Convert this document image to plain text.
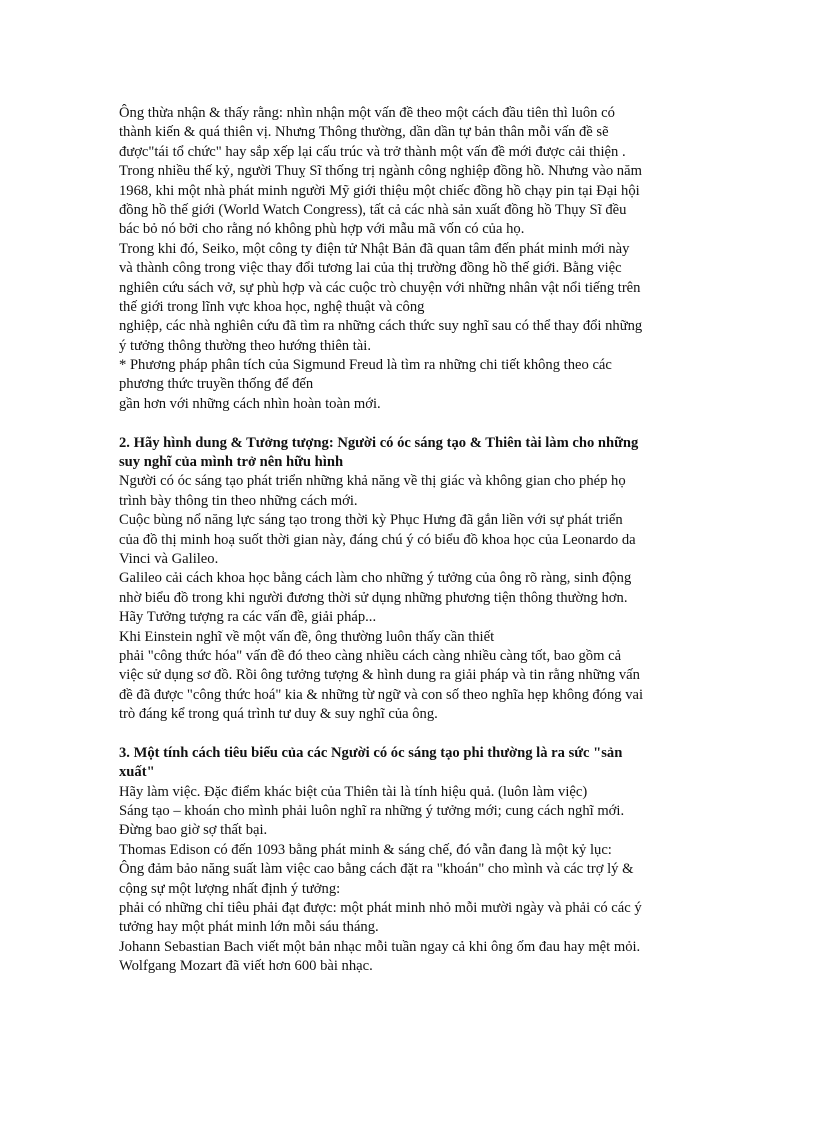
Ông thừa nhận & thấy rằng: nhìn nhận một vấn đề theo một cách đầu tiên thì luôn có
thành kiến & quá thiên vị. Nhưng Thông thường, dần dần tự bản thân mỗi vấn đề sẽ
được"tái tổ chức" hay sắp xếp lại cấu trúc và trở thành một vấn đề mới được cải thiện .
Trong nhiều thế kỷ, người Thuỵ Sĩ thống trị ngành công nghiệp đồng hồ. Nhưng vào năm
1968, khi một nhà phát minh người Mỹ giới thiệu một chiếc đồng hồ chạy pin tại Đại hội
đồng hồ thế giới (World Watch Congress), tất cả các nhà sản xuất đồng hồ Thụy Sĩ đều
bác bỏ nó bởi cho rằng nó không phù hợp với mẫu mã vốn có của họ.
Trong khi đó, Seiko, một công ty điện tử Nhật Bản đã quan tâm đến phát minh mới này
và thành công trong việc thay đổi tương lai của thị trường đồng hồ thế giới. Bằng việc
nghiên cứu sách vở, sự phù hợp và các cuộc trò chuyện với những nhân vật nổi tiếng trên
thế giới trong lĩnh vực khoa học, nghệ thuật và công
nghiệp, các nhà nghiên cứu đã tìm ra những cách thức suy nghĩ sau có thể thay đổi những
ý tưởng thông thường theo hướng thiên tài.
* Phương pháp phân tích của Sigmund Freud là tìm ra những chi tiết không theo các
phương thức truyền thống để đến
gần hơn với những cách nhìn hoàn toàn mới.
2. Hãy hình dung & Tưởng tượng: Người có óc sáng tạo & Thiên tài làm cho những
suy nghĩ của mình trở nên hữu hình
Người có óc sáng tạo phát triển những khả năng về thị giác và không gian cho phép họ
trình bày thông tin theo những cách mới.
Cuộc bùng nổ năng lực sáng tạo trong thời kỳ Phục Hưng đã gắn liền với sự phát triển
của đồ thị minh hoạ suốt thời gian này, đáng chú ý có biểu đồ khoa học của Leonardo da
Vinci và Galileo.
Galileo cải cách khoa học bằng cách làm cho những ý tưởng của ông rõ ràng, sinh động
nhờ biểu đồ trong khi người đương thời sử dụng những phương tiện thông thường hơn.
Hãy Tưởng tượng ra các vấn đề, giải pháp...
Khi Einstein nghĩ về một vấn đề, ông thường luôn thấy cần thiết
phải "công thức hóa" vấn đề đó theo càng nhiều cách càng nhiều càng tốt, bao gồm cả
việc sử dụng sơ đồ. Rồi ông tưởng tượng & hình dung ra giải pháp và tin rằng những vấn
đề đã được "công thức hoá" kia & những từ ngữ và con số theo nghĩa hẹp không đóng vai
trò đáng kể trong quá trình tư duy & suy nghĩ của ông.
3. Một tính cách tiêu biểu của các Người có óc sáng tạo phi thường là ra sức "sản
xuất"
Hãy làm việc. Đặc điểm khác biệt của Thiên tài là tính hiệu quả. (luôn làm việc)
Sáng tạo – khoán cho mình phải luôn nghĩ ra những ý tưởng mới; cung cách nghĩ mới.
Đừng bao giờ sợ thất bại.
Thomas Edison có đến 1093 bằng phát minh & sáng chế, đó vẫn đang là một kỷ lục:
Ông đảm bảo năng suất làm việc cao bằng cách đặt ra "khoán" cho mình và các trợ lý &
cộng sự một lượng nhất định ý tưởng:
phải có những chỉ tiêu phải đạt được: một phát minh nhỏ mỗi mười ngày và phải có các ý
tưởng hay một phát minh lớn mỗi sáu tháng.
Johann Sebastian Bach viết một bản nhạc mỗi tuần ngay cả khi ông ốm đau hay mệt mỏi.
Wolfgang Mozart đã viết hơn 600 bài nhạc.
